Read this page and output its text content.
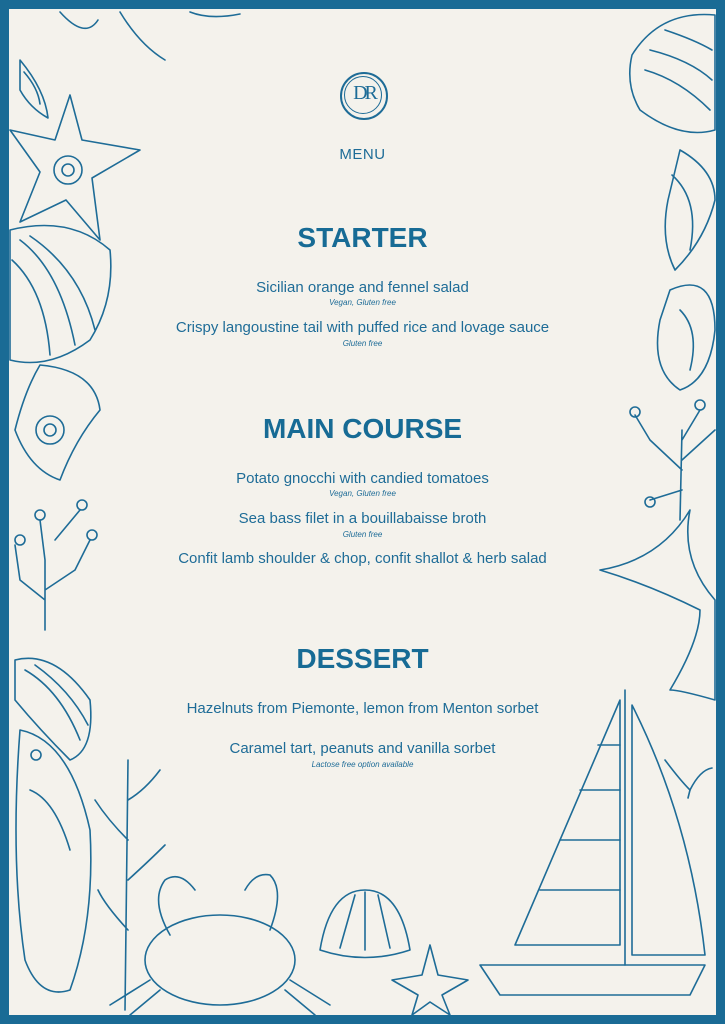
DR
MENU
STARTER
Sicilian orange and fennel salad
Vegan, Gluten free
Crispy langoustine tail with puffed rice and lovage sauce
Gluten free
MAIN COURSE
Potato gnocchi with candied tomatoes
Vegan, Gluten free
Sea bass filet in a bouillabaisse broth
Gluten free
Confit lamb shoulder & chop, confit shallot & herb salad
DESSERT
Hazelnuts from Piemonte, lemon from Menton sorbet
Caramel tart, peanuts and vanilla sorbet
Lactose free option available
